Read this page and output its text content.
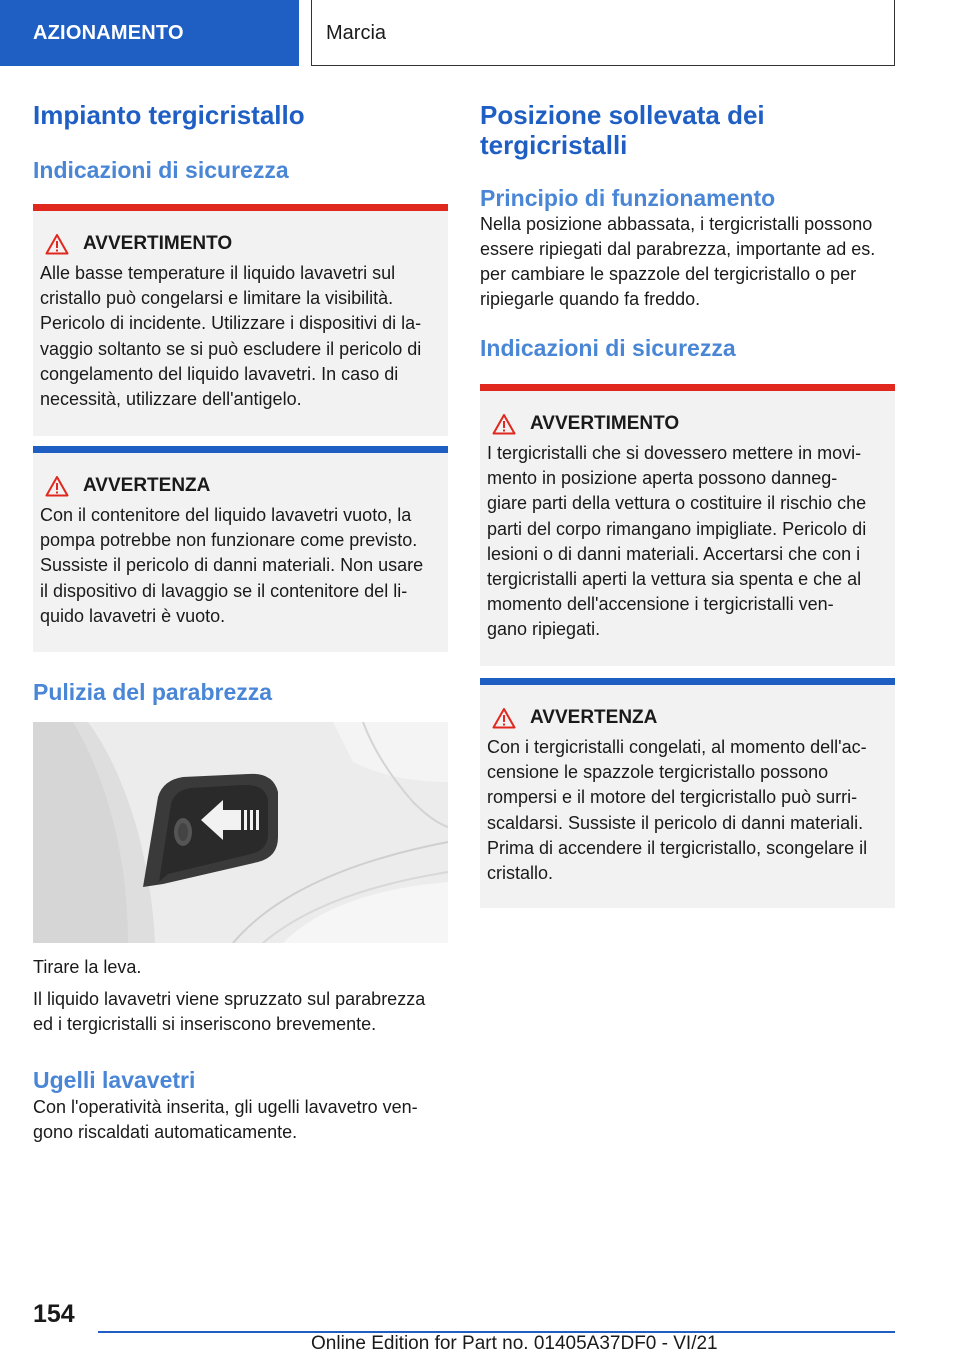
AZIONAMENTO	Marcia
Impianto tergicristallo
Indicazioni di sicurezza
AVVERTIMENTO

Alle basse temperature il liquido lavavetri sul

cristallo può congelarsi e limitare la visibilità.

Pericolo di incidente. Utilizzare i dispositivi di la-

vaggio soltanto se si può escludere il pericolo di

congelamento del liquido lavavetri. In caso di

necessità, utilizzare dell'antigelo.

AVVERTENZA

Con il contenitore del liquido lavavetri vuoto, la

pompa potrebbe non funzionare come previsto.

Sussiste il pericolo di danni materiali. Non usare

il dispositivo di lavaggio se il contenitore del li-

quido lavavetri è vuoto.

Pulizia del parabrezza

Tirare la leva.

Il liquido lavavetri viene spruzzato sul parabrezza

ed i tergicristalli si inseriscono brevemente.

Ugelli lavavetri

Con l'operatività inserita, gli ugelli lavavetro ven-

gono riscaldati automaticamente.

Posizione sollevata dei
tergicristalli
Principio di funzionamento

Nella posizione abbassata, i tergicristalli possono

essere ripiegati dal parabrezza, importante ad es.

per cambiare le spazzole del tergicristallo o per

ripiegarle quando fa freddo.

Indicazioni di sicurezza
AVVERTIMENTO

I tergicristalli che si dovessero mettere in movi-

mento in posizione aperta possono danneg-

giare parti della vettura o costituire il rischio che

parti del corpo rimangano impigliate. Pericolo di

lesioni o di danni materiali. Accertarsi che con i

tergicristalli aperti la vettura sia spenta e che al

momento dell'accensione i tergicristalli ven-

gano ripiegati.

AVVERTENZA

Con i tergicristalli congelati, al momento dell'ac-

censione le spazzole tergicristallo possono

rompersi e il motore del tergicristallo può surri-

scaldarsi. Sussiste il pericolo di danni materiali.

Prima di accendere il tergicristallo, scongelare il

cristallo.

154
Online Edition for Part no. 01405A37DF0 - VI/21
